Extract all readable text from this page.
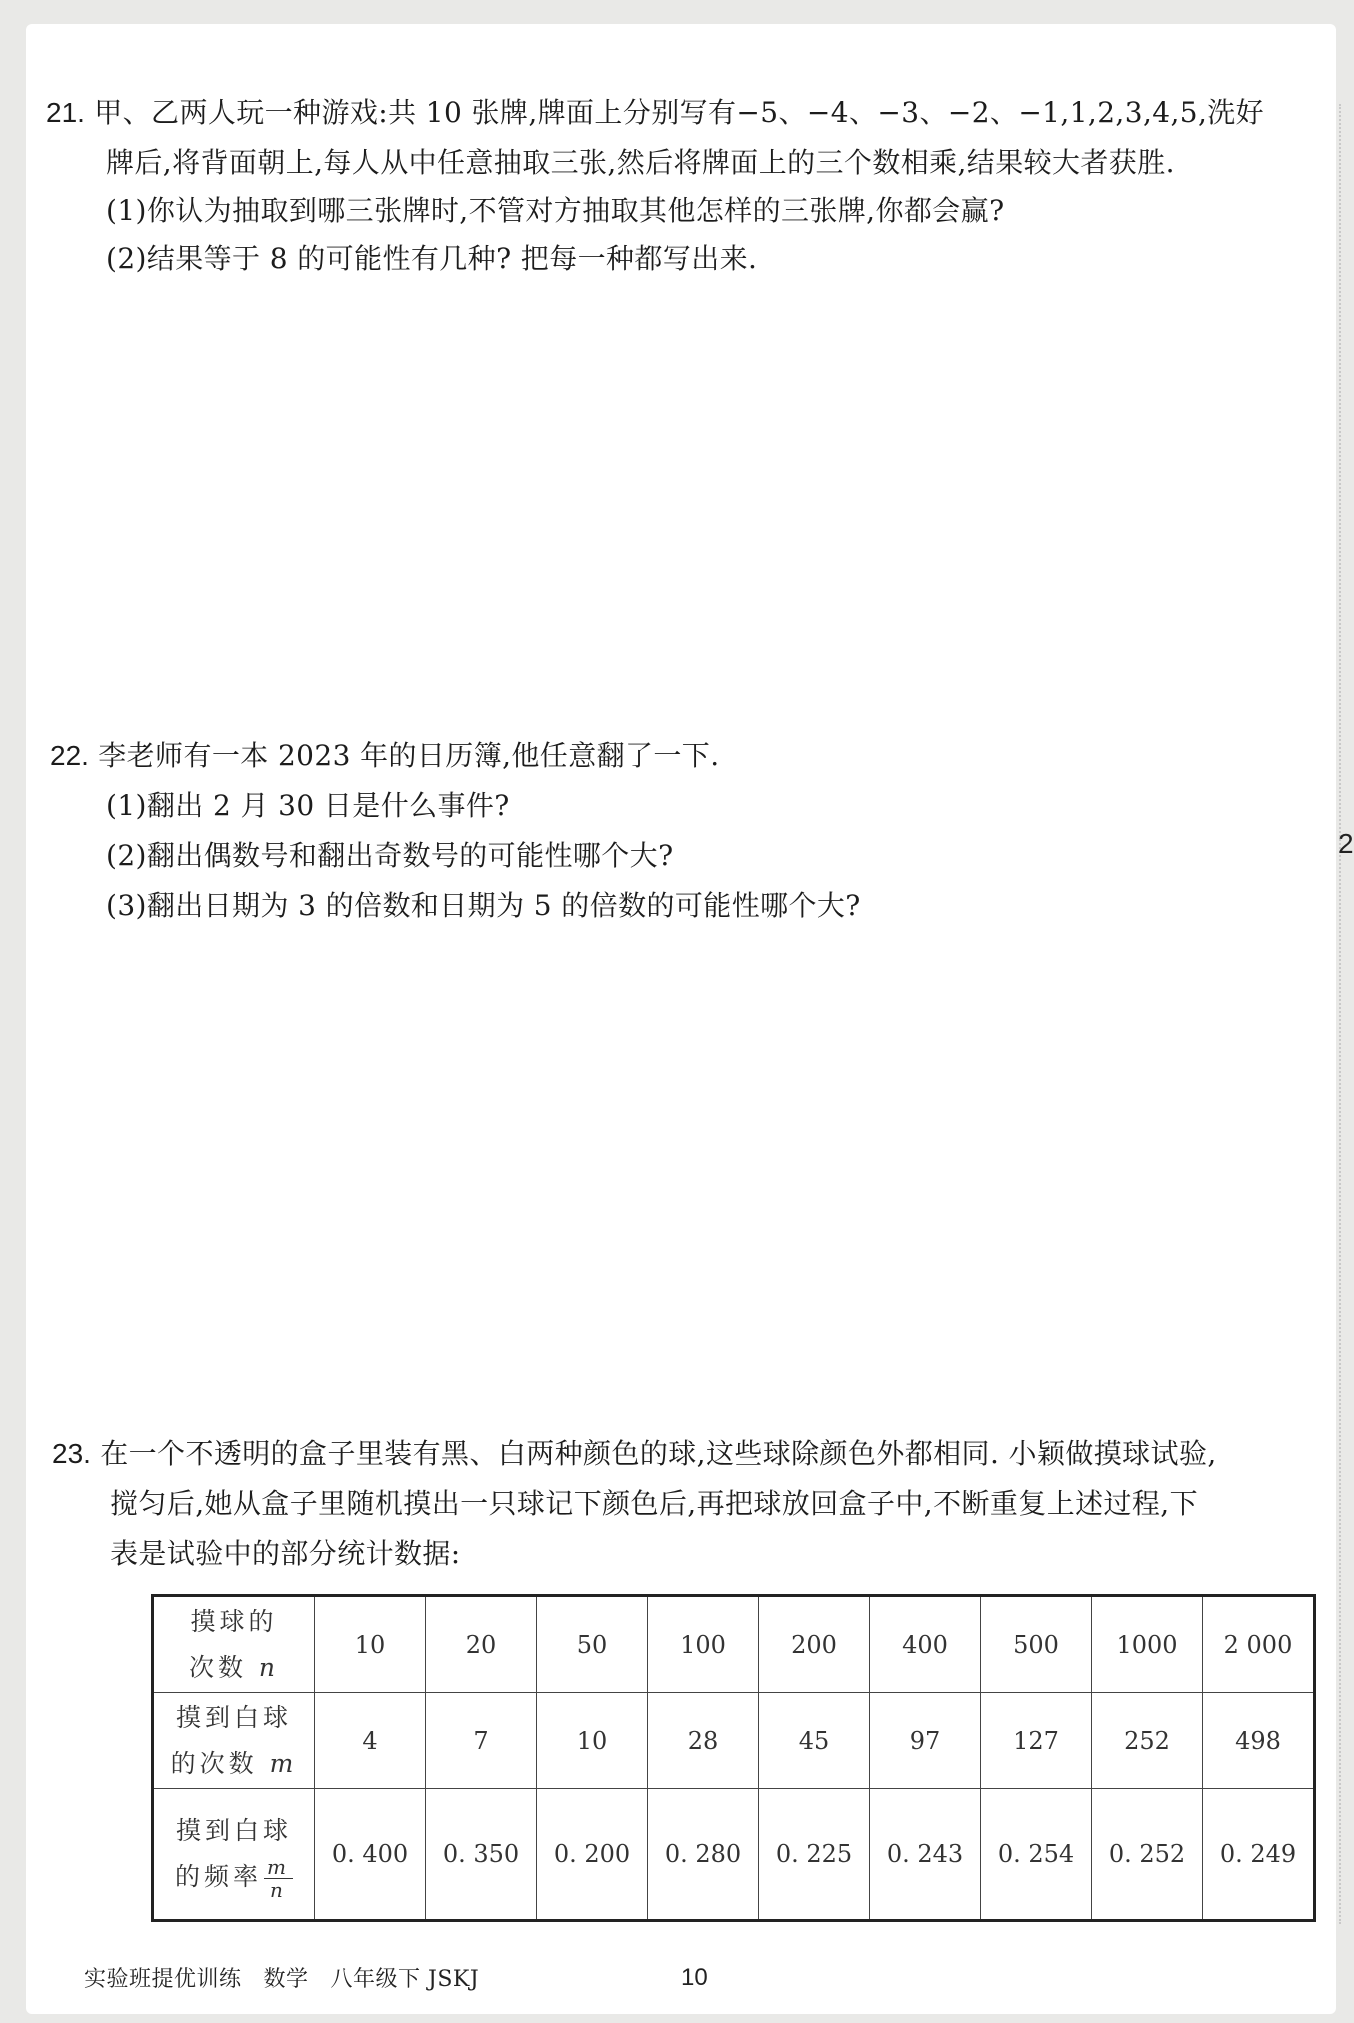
21. 甲、乙两人玩一种游戏:共 10 张牌,牌面上分别写有−5、−4、−3、−2、−1,1,2,3,4,5,洗好
牌后,将背面朝上,每人从中任意抽取三张,然后将牌面上的三个数相乘,结果较大者获胜.
(1)你认为抽取到哪三张牌时,不管对方抽取其他怎样的三张牌,你都会赢?
(2)结果等于 8 的可能性有几种? 把每一种都写出来.
22. 李老师有一本 2023 年的日历簿,他任意翻了一下.
(1)翻出 2 月 30 日是什么事件?
(2)翻出偶数号和翻出奇数号的可能性哪个大?
(3)翻出日期为 3 的倍数和日期为 5 的倍数的可能性哪个大?
23. 在一个不透明的盒子里装有黑、白两种颜色的球,这些球除颜色外都相同. 小颖做摸球试验,
搅匀后,她从盒子里随机摸出一只球记下颜色后,再把球放回盒子中,不断重复上述过程,下
表是试验中的部分统计数据:
摸球的
次数 n	10	20	50	100	200	400	500	1000	2 000

摸到白球
的次数 m	4	7	10	28	45	97	127	252	498

摸到白球
的频率 $\frac{m}{n}$	0. 400	0. 350	0. 200	0. 280	0. 225	0. 243	0. 254	0. 252	0. 249
实验班提优训练 数学 八年级下 JSKJ	10
2
